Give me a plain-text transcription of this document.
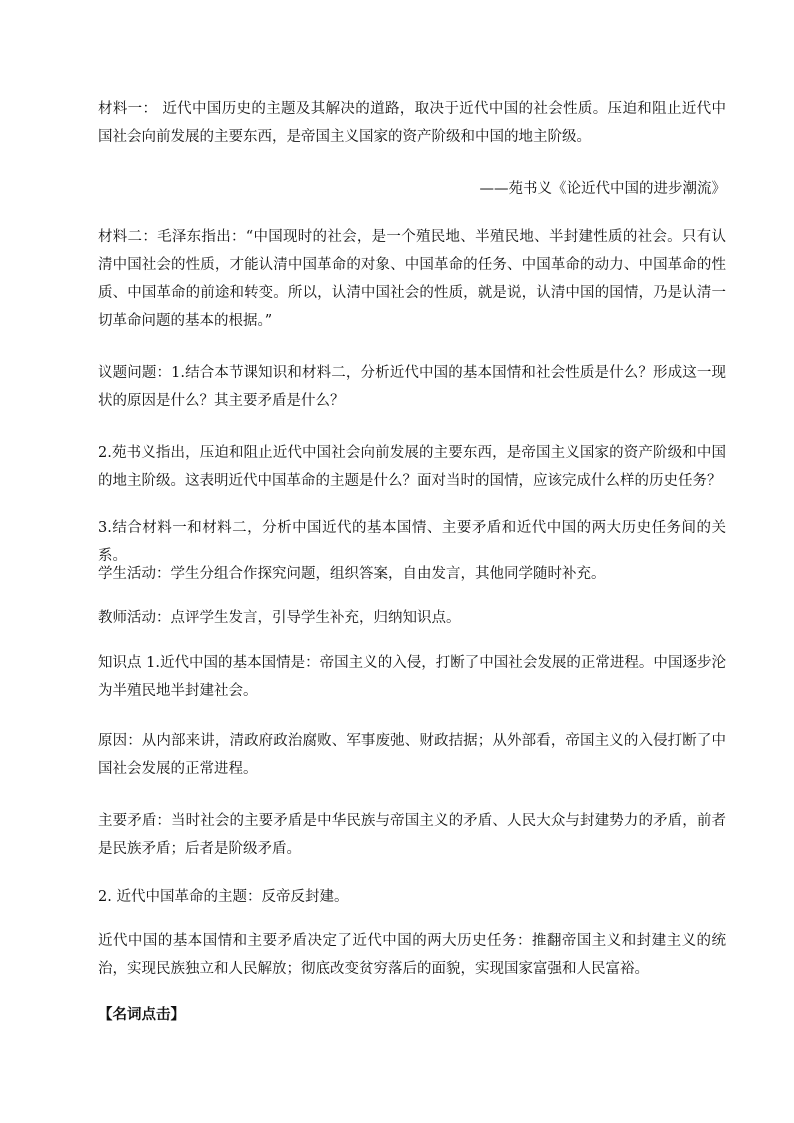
材料一： 近代中国历史的主题及其解决的道路，取决于近代中国的社会性质。压迫和阻止近代中国社会向前发展的主要东西，是帝国主义国家的资产阶级和中国的地主阶级。

——苑书义《论近代中国的进步潮流》

材料二：毛泽东指出：“中国现时的社会，是一个殖民地、半殖民地、半封建性质的社会。只有认清中国社会的性质，才能认清中国革命的对象、中国革命的任务、中国革命的动力、中国革命的性质、中国革命的前途和转变。所以，认清中国社会的性质，就是说，认清中国的国情，乃是认清一切革命问题的基本的根据。”

议题问题：1.结合本节课知识和材料二，分析近代中国的基本国情和社会性质是什么？形成这一现状的原因是什么？其主要矛盾是什么？

2.苑书义指出，压迫和阻止近代中国社会向前发展的主要东西，是帝国主义国家的资产阶级和中国的地主阶级。这表明近代中国革命的主题是什么？面对当时的国情，应该完成什么样的历史任务？

3.结合材料一和材料二，分析中国近代的基本国情、主要矛盾和近代中国的两大历史任务间的关系。

学生活动：学生分组合作探究问题，组织答案，自由发言，其他同学随时补充。

教师活动：点评学生发言，引导学生补充，归纳知识点。

知识点 1.近代中国的基本国情是：帝国主义的入侵，打断了中国社会发展的正常进程。中国逐步沦为半殖民地半封建社会。

原因：从内部来讲，清政府政治腐败、军事废弛、财政拮据；从外部看，帝国主义的入侵打断了中国社会发展的正常进程。

主要矛盾：当时社会的主要矛盾是中华民族与帝国主义的矛盾、人民大众与封建势力的矛盾，前者是民族矛盾；后者是阶级矛盾。

2. 近代中国革命的主题：反帝反封建。

近代中国的基本国情和主要矛盾决定了近代中国的两大历史任务：推翻帝国主义和封建主义的统治，实现民族独立和人民解放；彻底改变贫穷落后的面貌，实现国家富强和人民富裕。

【名词点击】
